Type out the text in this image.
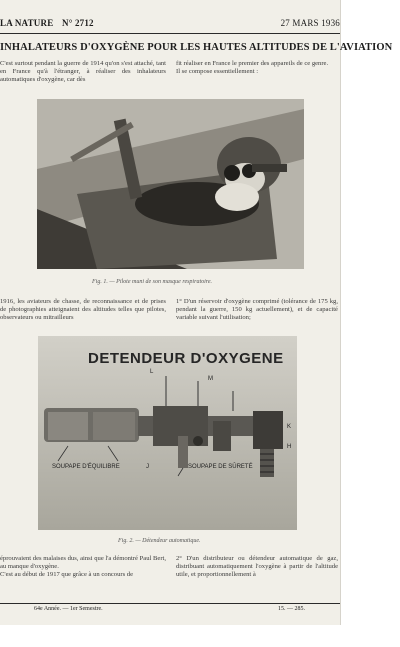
LA NATURE N° 2712	27 MARS 1936
INHALATEURS D'OXYGÈNE POUR LES HAUTES ALTITUDES DE L'AVIATION

C'est surtout pendant la guerre de 1914 qu'on s'est attaché, tant en France qu'à l'étranger, à réaliser des inhalateurs automatiques d'oxygène, car dès

fit réaliser en France le premier des appareils de ce genre.

Il se compose essentiellement :

Fig. 1. — Pilote muni de son masque respiratoire.

1916, les aviateurs de chasse, de reconnaissance et de prises de photographies atteignaient des altitudes telles que pilotes, observateurs ou mitrailleurs

1° D'un réservoir d'oxygène comprimé (tolérance de 175 kg, pendant la guerre, 150 kg actuellement), et de capacité variable suivant l'utilisation;

DETENDEUR D'OXYGENE
L
M
K
J
H
SOUPAPE D'ÉQUILIBRE	SOUPAPE DE SÛRETÉ
Fig. 2. — Détendeur automatique.

éprouvaient des malaises dus, ainsi que l'a démontré Paul Bert, au manque d'oxygène.

C'est au début de 1917 que grâce à un concours de

2° D'un distributeur ou détendeur automatique de gaz, distribuant automatiquement l'oxygène à partir de l'altitude utile, et proportionnellement à

64e Année. — 1er Semestre.	15. — 285.
